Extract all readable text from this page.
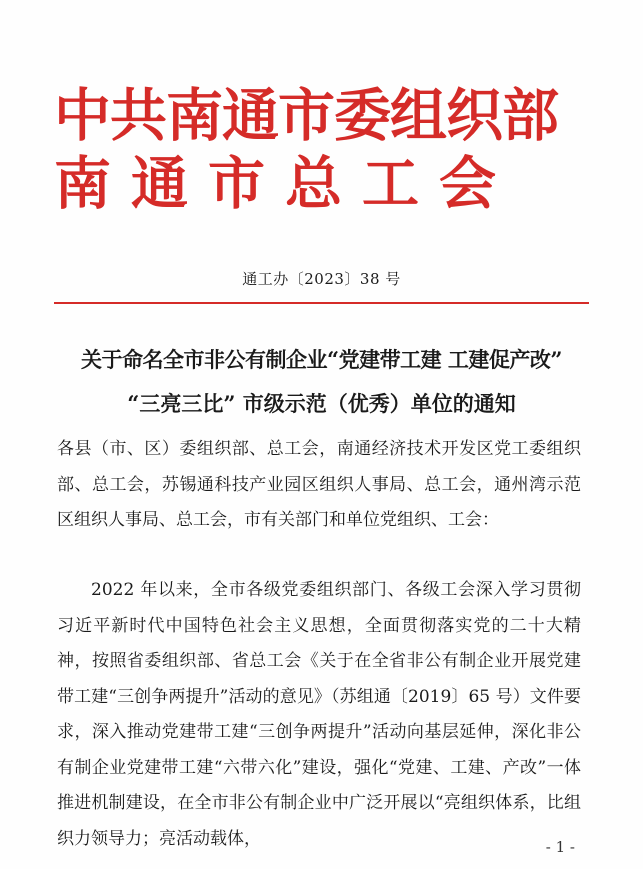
中共南通市委组织部
南通市总工会
通工办〔2023〕38 号
关于命名全市非公有制企业“党建带工建 工建促产改”
“三亮三比” 市级示范（优秀）单位的通知
各县（市、区）委组织部、总工会，南通经济技术开发区党工委组织部、总工会，苏锡通科技产业园区组织人事局、总工会，通州湾示范区组织人事局、总工会，市有关部门和单位党组织、工会：
2022 年以来，全市各级党委组织部门、各级工会深入学习贯彻习近平新时代中国特色社会主义思想，全面贯彻落实党的二十大精神，按照省委组织部、省总工会《关于在全省非公有制企业开展党建带工建“三创争两提升”活动的意见》（苏组通〔2019〕65 号）文件要求，深入推动党建带工建“三创争两提升”活动向基层延伸，深化非公有制企业党建带工建“六带六化”建设，强化“党建、工建、产改”一体推进机制建设，在全市非公有制企业中广泛开展以“亮组织体系，比组织力领导力；亮活动载体，	- 1 -
